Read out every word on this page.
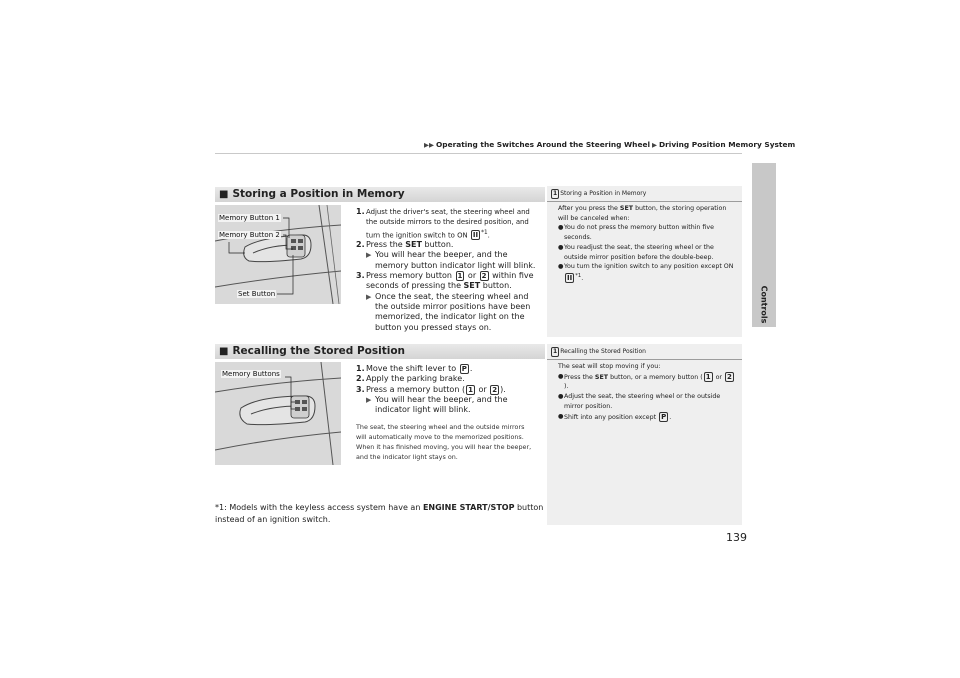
▶▶ Operating the Switches Around the Steering Wheel ▶ Driving Position Memory System
Controls
■ Storing a Position in Memory
Memory Button 1
Memory Button 2
Set Button
1. Adjust the driver's seat, the steering wheel and the outside mirrors to the desired position, and turn the ignition switch to ON II $^{*1}$.
2. Press the SET button.
▶ You will hear the beeper, and the memory button indicator light will blink.
3. Press memory button 1 or 2 within five seconds of pressing the SET button.
▶ Once the seat, the steering wheel and the outside mirror positions have been memorized, the indicator light on the button you pressed stays on.
1 Storing a Position in Memory
After you press the SET button, the storing operation will be canceled when:
● You do not press the memory button within five seconds.
● You readjust the seat, the steering wheel or the outside mirror position before the double-beep.
● You turn the ignition switch to any position except ON II $^{*1}$.
■ Recalling the Stored Position
Memory Buttons
1. Move the shift lever to P .
2. Apply the parking brake.
3. Press a memory button ( 1 or 2 ).
▶ You will hear the beeper, and the indicator light will blink.
The seat, the steering wheel and the outside mirrors will automatically move to the memorized positions. When it has finished moving, you will hear the beeper, and the indicator light stays on.
1 Recalling the Stored Position
The seat will stop moving if you:
● Press the SET button, or a memory button ( 1 or 2).
● Adjust the seat, the steering wheel or the outside mirror position.
● Shift into any position except P .
*1: Models with the keyless access system have an ENGINE START/STOP button instead of an ignition switch.
139
